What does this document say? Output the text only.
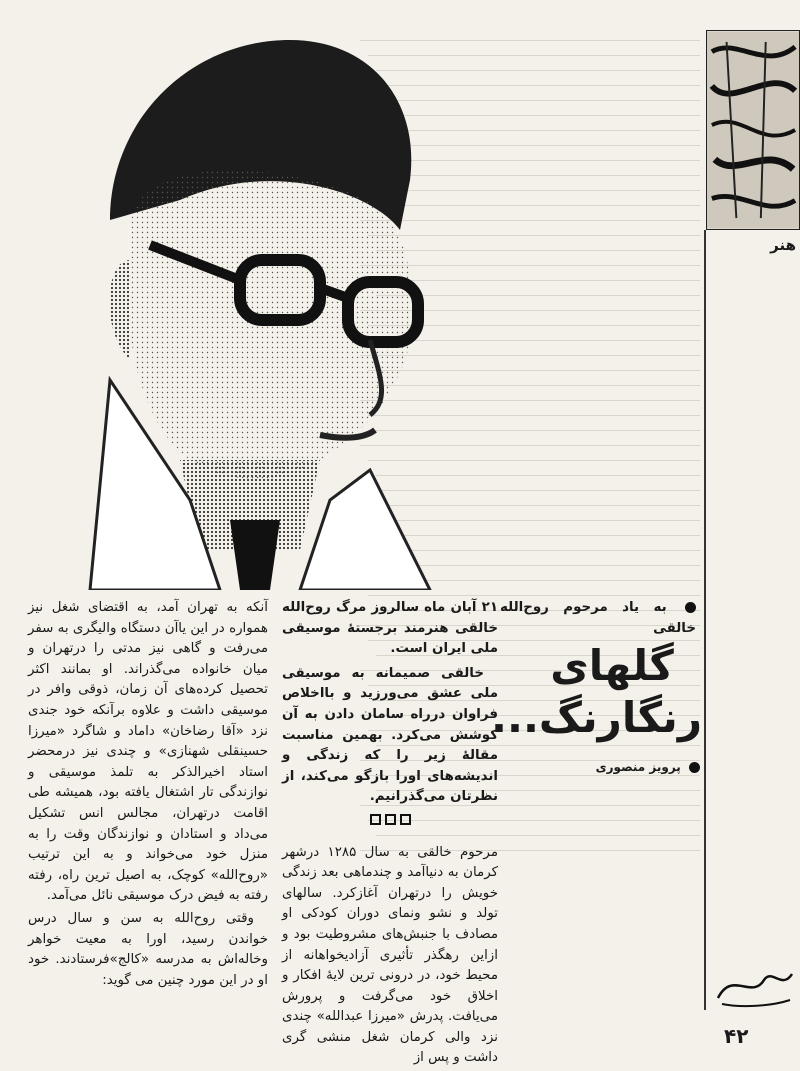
هنر

به یاد مرحوم روح‌الله خالقی

گلهای
رنگارنگ...
پرویز منصوری

۲۱ آبان ماه سالروز مرگ روح‌الله خالقی هنرمند برجستهٔ موسیقی ملی ایران است.

خالقی صمیمانه به موسیقی ملی عشق می‌ورزید و بااخلاص فراوان درراه سامان دادن به آن کوشش می‌کرد. بهمین مناسبت مقالهٔ زیر را که زندگی و اندیشه‌های اورا بازگو می‌کند، از نظرتان می‌گذرانیم.

مرحوم خالقی به سال ۱۲۸۵ درشهر کرمان به دنیاآمد و چندماهی بعد زندگی خویش را درتهران آغازکرد. سالهای تولد و نشو ونمای دوران کودکی او مصادف با جنبش‌های مشروطیت بود و ازاین رهگذر تأثیری آزادیخواهانه از محیط خود، در درونی ترین لایهٔ افکار و اخلاق خود می‌گرفت و پرورش می‌یافت. پدرش «میرزا عبدالله» چندی نزد والی کرمان شغل منشی گری داشت و پس از

آنکه به تهران آمد، به اقتضای شغل نیز همواره در این یاآن دستگاه والیگری به سفر می‌رفت و گاهی نیز مدتی را درتهران و میان خانواده می‌گذراند. او بمانند اکثر تحصیل کرده‌های آن زمان، ذوقی وافر در موسیقی داشت و علاوه برآنکه خود جندی نزد «آقا رضاخان» داماد و شاگرد «میرزا حسینقلی شهنازی» و چندی نیز درمحضر استاد اخیرالذکر به تلمذ موسیقی و نوازندگی تار اشتغال یافته بود، همیشه طی اقامت درتهران، مجالس انس تشکیل می‌داد و استادان و نوازندگان وقت را به منزل خود می‌خواند و به این ترتیب «روح‌الله» کوچک، به اصیل ترین راه، رفته رفته به فیض درک موسیقی نائل می‌آمد.

وقتی روح‌الله به سن و سال درس خواندن رسید، اورا به معیت خواهر وخاله‌اش به مدرسه «کالج»فرستادند. خود او در این مورد چنین می گوید:

۴۲
